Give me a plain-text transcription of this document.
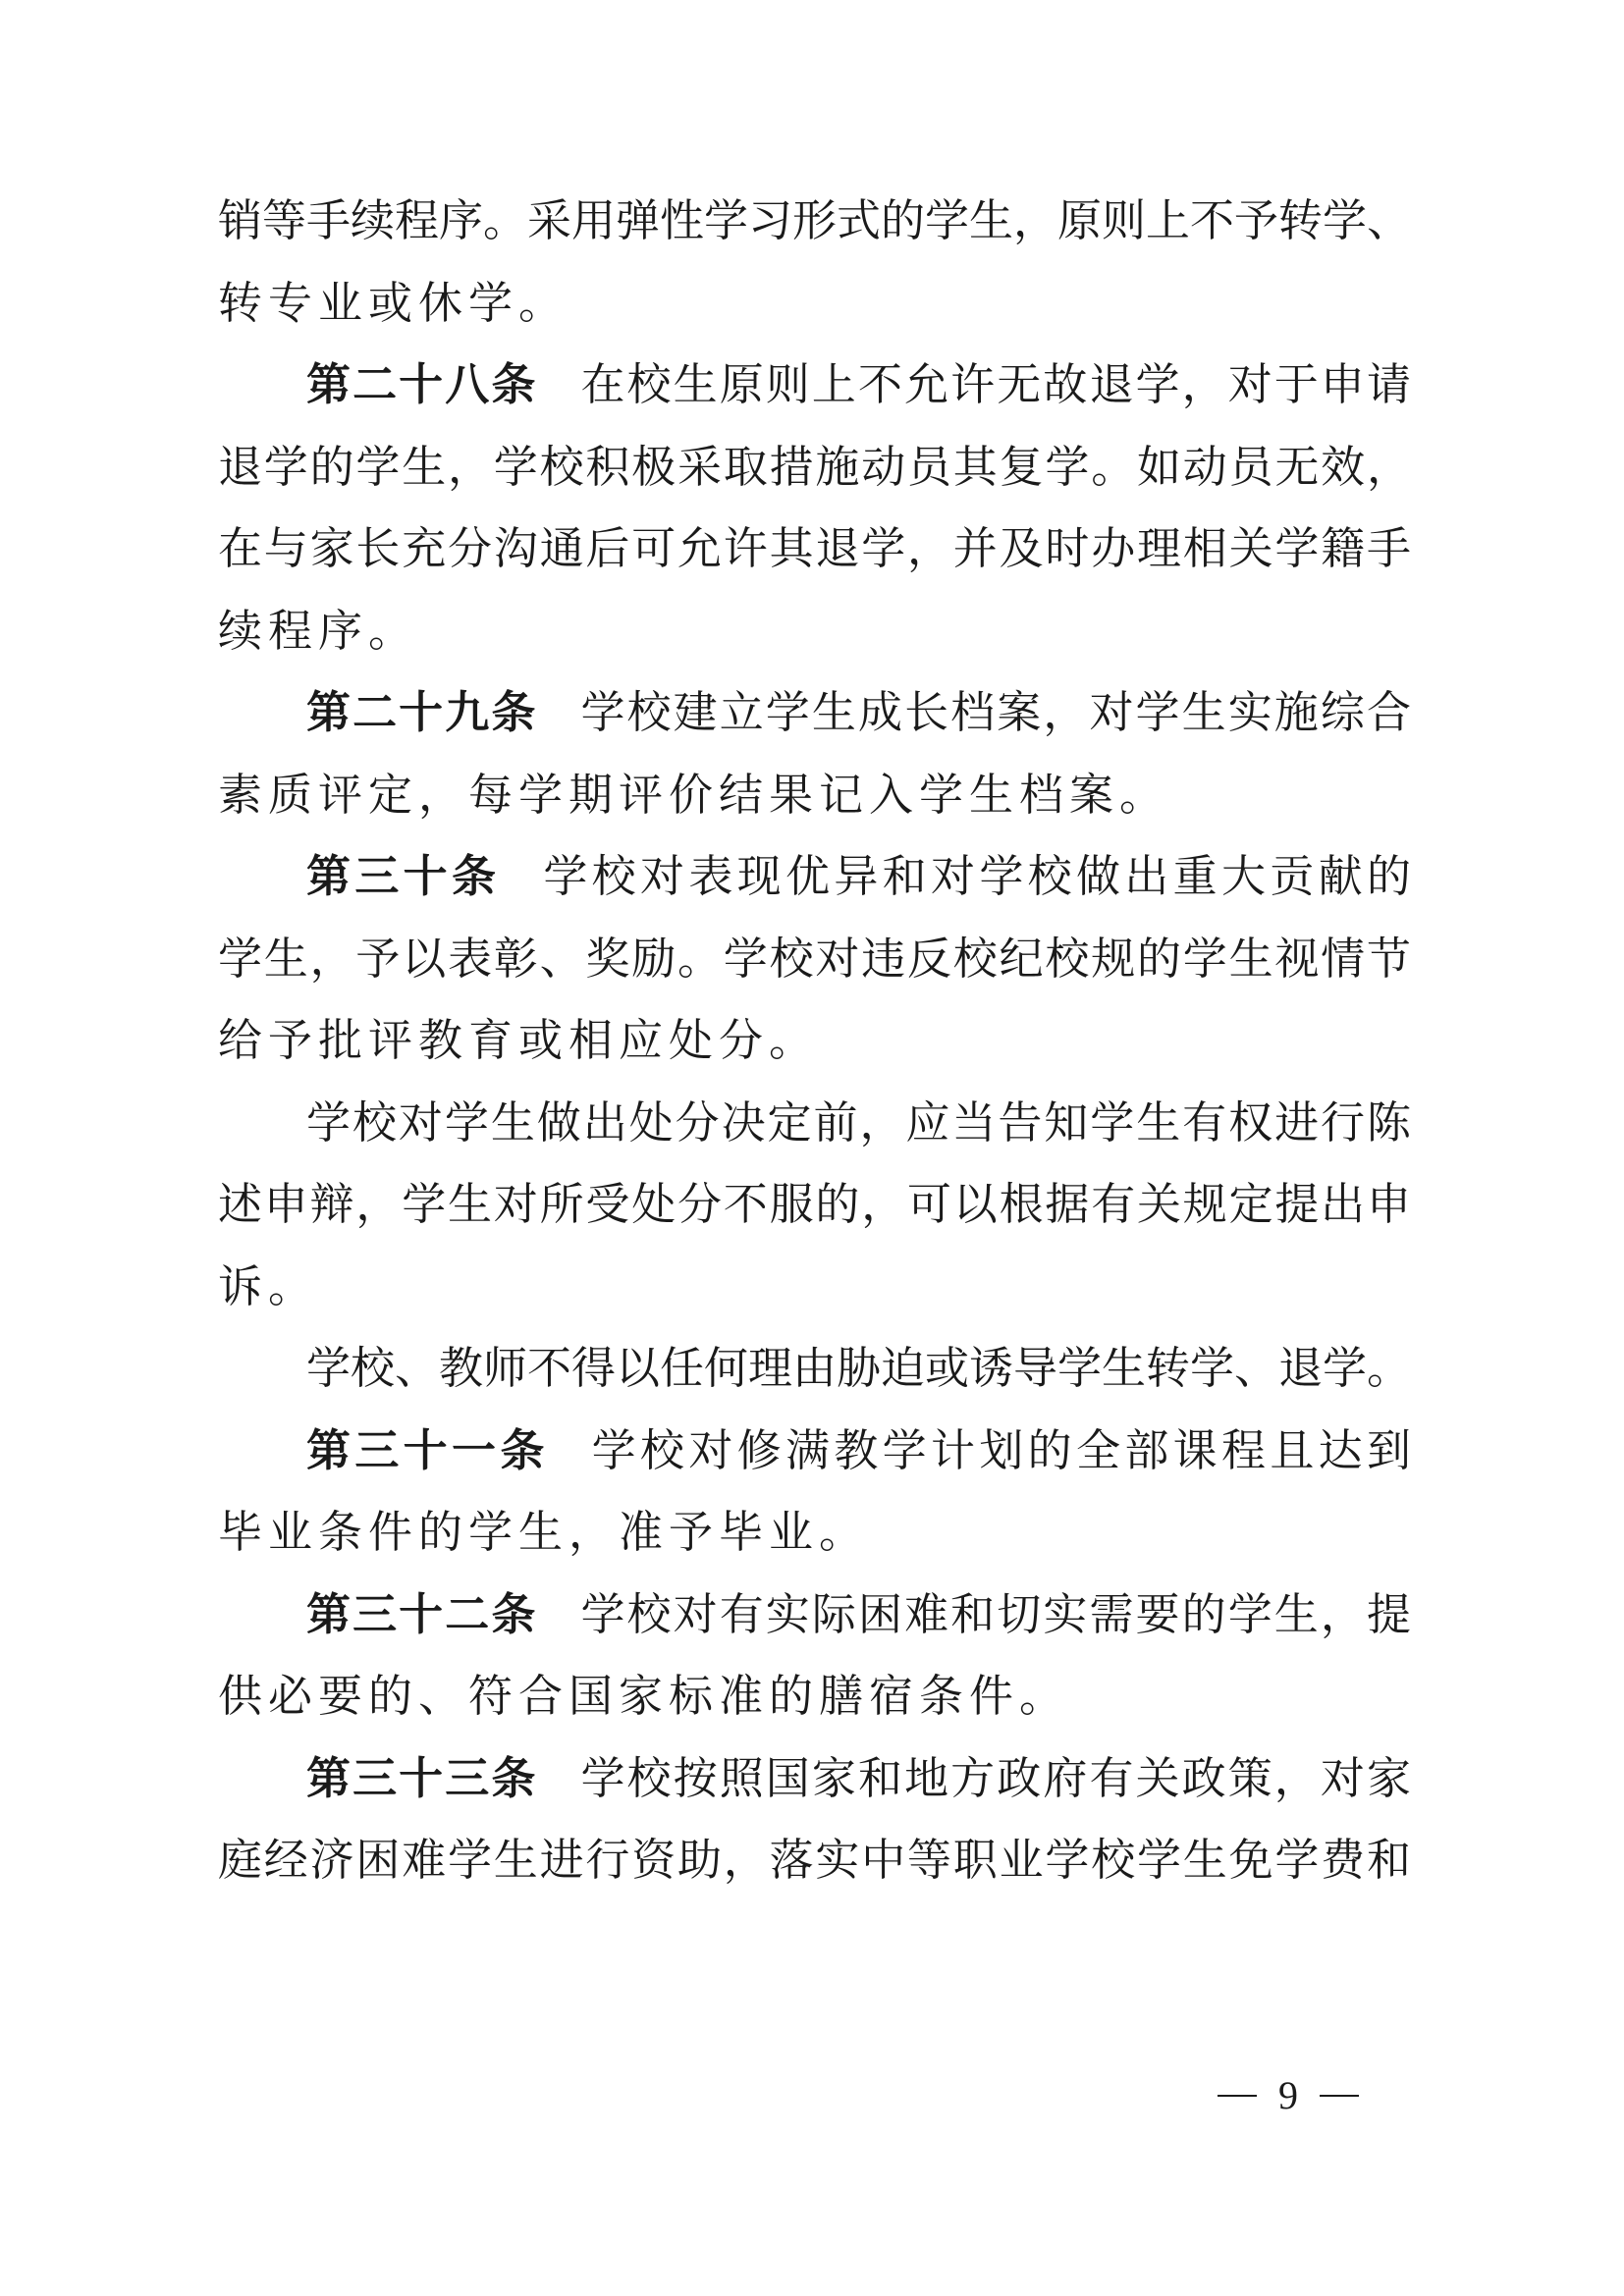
销等手续程序。采用弹性学习形式的学生，原则上不予转学、
转专业或休学。
第二十八条 在校生原则上不允许无故退学，对于申请
退学的学生，学校积极采取措施动员其复学。如动员无效，
在与家长充分沟通后可允许其退学，并及时办理相关学籍手
续程序。
第二十九条 学校建立学生成长档案，对学生实施综合
素质评定，每学期评价结果记入学生档案。
第三十条 学校对表现优异和对学校做出重大贡献的
学生，予以表彰、奖励。学校对违反校纪校规的学生视情节
给予批评教育或相应处分。
学校对学生做出处分决定前，应当告知学生有权进行陈
述申辩，学生对所受处分不服的，可以根据有关规定提出申
诉。
学校、教师不得以任何理由胁迫或诱导学生转学、退学。
第三十一条 学校对修满教学计划的全部课程且达到
毕业条件的学生，准予毕业。
第三十二条 学校对有实际困难和切实需要的学生，提
供必要的、符合国家标准的膳宿条件。
第三十三条 学校按照国家和地方政府有关政策，对家
庭经济困难学生进行资助，落实中等职业学校学生免学费和
9
